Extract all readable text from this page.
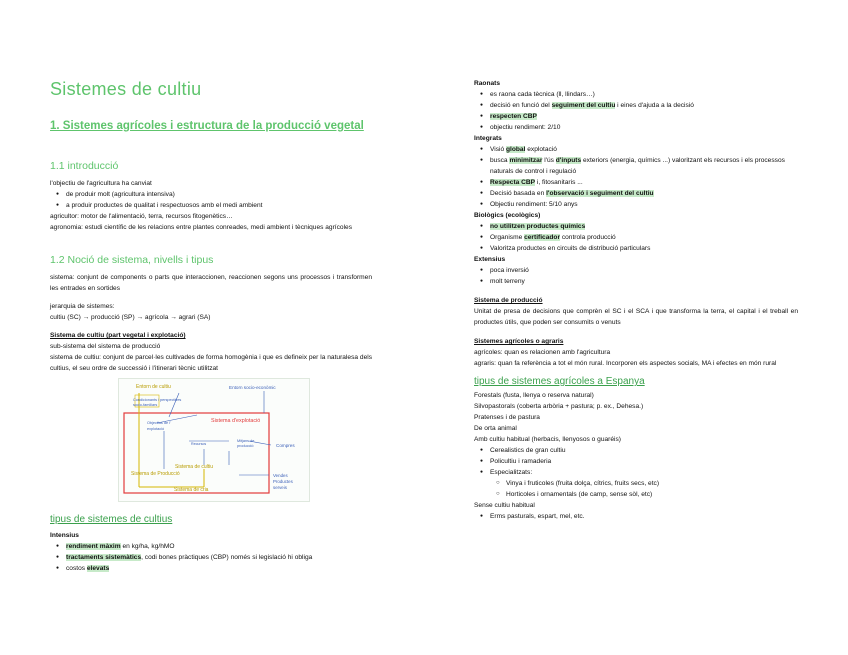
Sistemes de cultiu
1. Sistemes agrícoles i estructura de la producció vegetal
1.1 introducció

l'objectiu de l'agricultura ha canviat

● de produir molt (agricultura intensiva)
● a produir productes de qualitat i respectuosos amb el medi ambient

agricultor: motor de l'alimentació, terra, recursos fitogenètics…

agronomia: estudi científic de les relacions entre plantes conreades, medi ambient i tècniques agrícoles

1.2 Noció de sistema, nivells i tipus

sistema: conjunt de components o parts que interaccionen, reaccionen segons uns processos i transformen les entrades en sortides

jerarquia de sistemes:

cultiu (SC) → producció (SP) → agrícola → agrari (SA)

Sistema de cultiu (part vegetal i explotació)

sub-sistema del sistema de producció

sistema de cultiu: conjunt de parcel·les cultivades de forma homogènia i que es defineix per la naturalesa dels cultius, el seu ordre de successió i l'itinerari tècnic utilitzat

Entorn de cultiu	Entorn socio-econòmic
Condicionants i perspectives
socio-familiars
Objectius de l'
explotació
Sistema d'explotació
Mitjans de
producció	Compres
Recursos
Sistema de cultiu
Sistema de Producció
Sistema de cria
Vendes
Productes
serveis
tipus de sistemes de cultius

Intensius

● rendiment màxim en kg/ha, kg/hMO
● tractaments sistemàtics, codi bones pràctiques (CBP) només si legislació hi obliga
● costos elevats

Raonats

● es raona cada tècnica (ll, llindars…)
● decisió en funció del seguiment del cultiu i eines d'ajuda a la decisió
● respecten CBP
● objectiu rendiment: 2/10

Integrats

● Visió global explotació
● busca minimitzar l'ús d'inputs exteriors (energia, químics ...) valoritzant els recursos i els processos naturals de control i regulació
● Respecta CBP i, fitosanitaris ...
● Decisió basada en l'observació i seguiment del cultiu
● Objectiu rendiment: 5/10 anys

Biològics (ecològics)

● no utilitzen productes químics
● Organisme certificador controla producció
● Valoritza productes en circuits de distribució particulars

Extensius

● poca inversió
● molt terreny

Sistema de producció

Unitat de presa de decisions que comprèn el SC i el SCA i que transforma la terra, el capital i el treball en productes útils, que poden ser consumits o venuts

Sistemes agrícoles o agraris

agrícoles: quan es relacionen amb l'agricultura

agraris: quan fa referència a tot el món rural. Incorporen els aspectes socials, MA i efectes en món rural

tipus de sistemes agrícoles a Espanya

Forestals (fusta, llenya o reserva natural)

Silvopastorals (coberta arbòria + pastura; p. ex., Dehesa.)

Pratenses i de pastura

De orta animal

Amb cultiu habitual (herbacis, llenyosos o guaréis)

● Cerealistics de gran cultiu
● Policultiu i ramaderia
● Especialitzats:
○ Vinya i fruticoles (fruita dolça, cítrics, fruits secs, etc)
○ Horticoles i ornamentals (de camp, sense sòl, etc)

Sense cultiu habitual

● Erms pasturals, espart, mel, etc.
